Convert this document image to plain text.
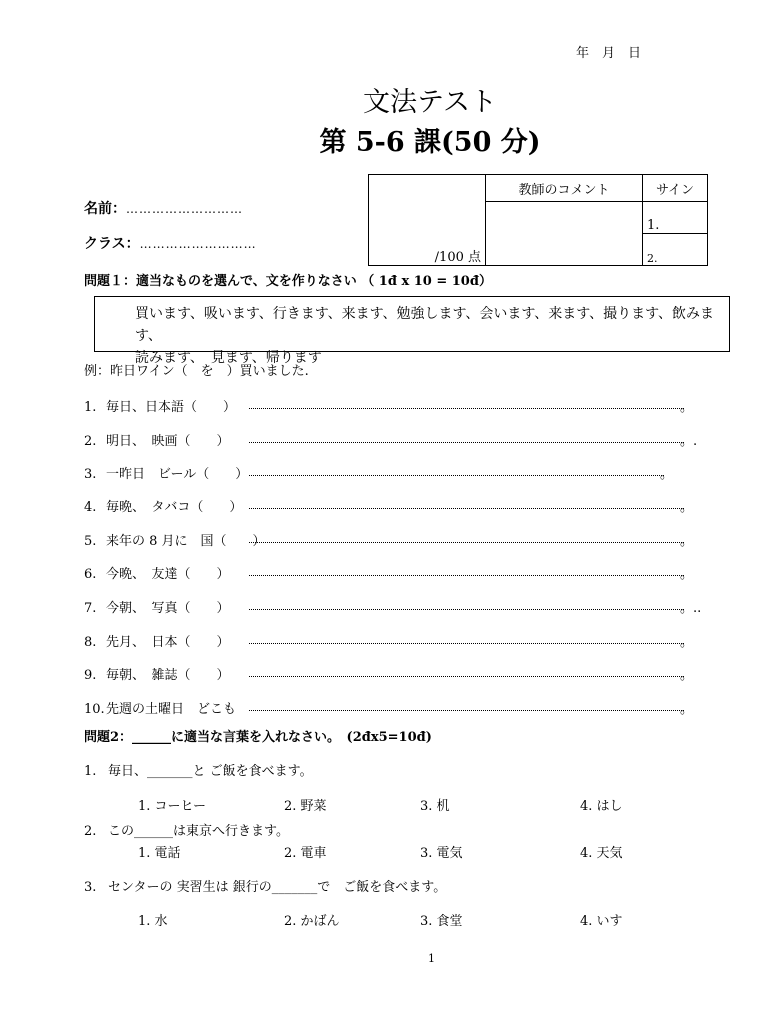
年　月　日
文法テスト
第 5-6 課(50 分)
名前：………………………
クラス：………………………
/100 点	教師のコメント	サイン
		1.
		2.
問題１：適当なものを選んで、文を作りなさい （ 1đ x 10 = 10đ）
買います、吸います、行きます、来ます、勉強します、会います、来ます、撮ります、飲みます、
読みます、　見ます、帰ります
例：昨日ワイン（　を　）買いました.
1. 毎日、日本語（　　）	。
2. 明日、　映画（　　）	。.
3. 一昨日　ビール（　　）	。
4. 毎晩、　タバコ（　　）	。
5. 来年の 8 月に　国（　　）	。
6. 今晩、　友達（　　）	。
7. 今朝、　写真（　　）	。..
8. 先月、　日本（　　）	。
9. 毎朝、　雑誌（　　）	。
10.先週の土曜日　どこも	。
問題2：______に適当な言葉を入れなさい。　(2đx5=10đ)
1. 毎日、_______と ご飯を食べます。
1. コーヒー	2. 野菜	3. 机	4. はし
2. この______は東京へ行きます。
1. 電話	2. 電車	3. 電気	4. 天気
3. センターの 実習生は 銀行の_______で　ご飯を食べます。
1. 水	2. かばん	3. 食堂	4. いす
1
